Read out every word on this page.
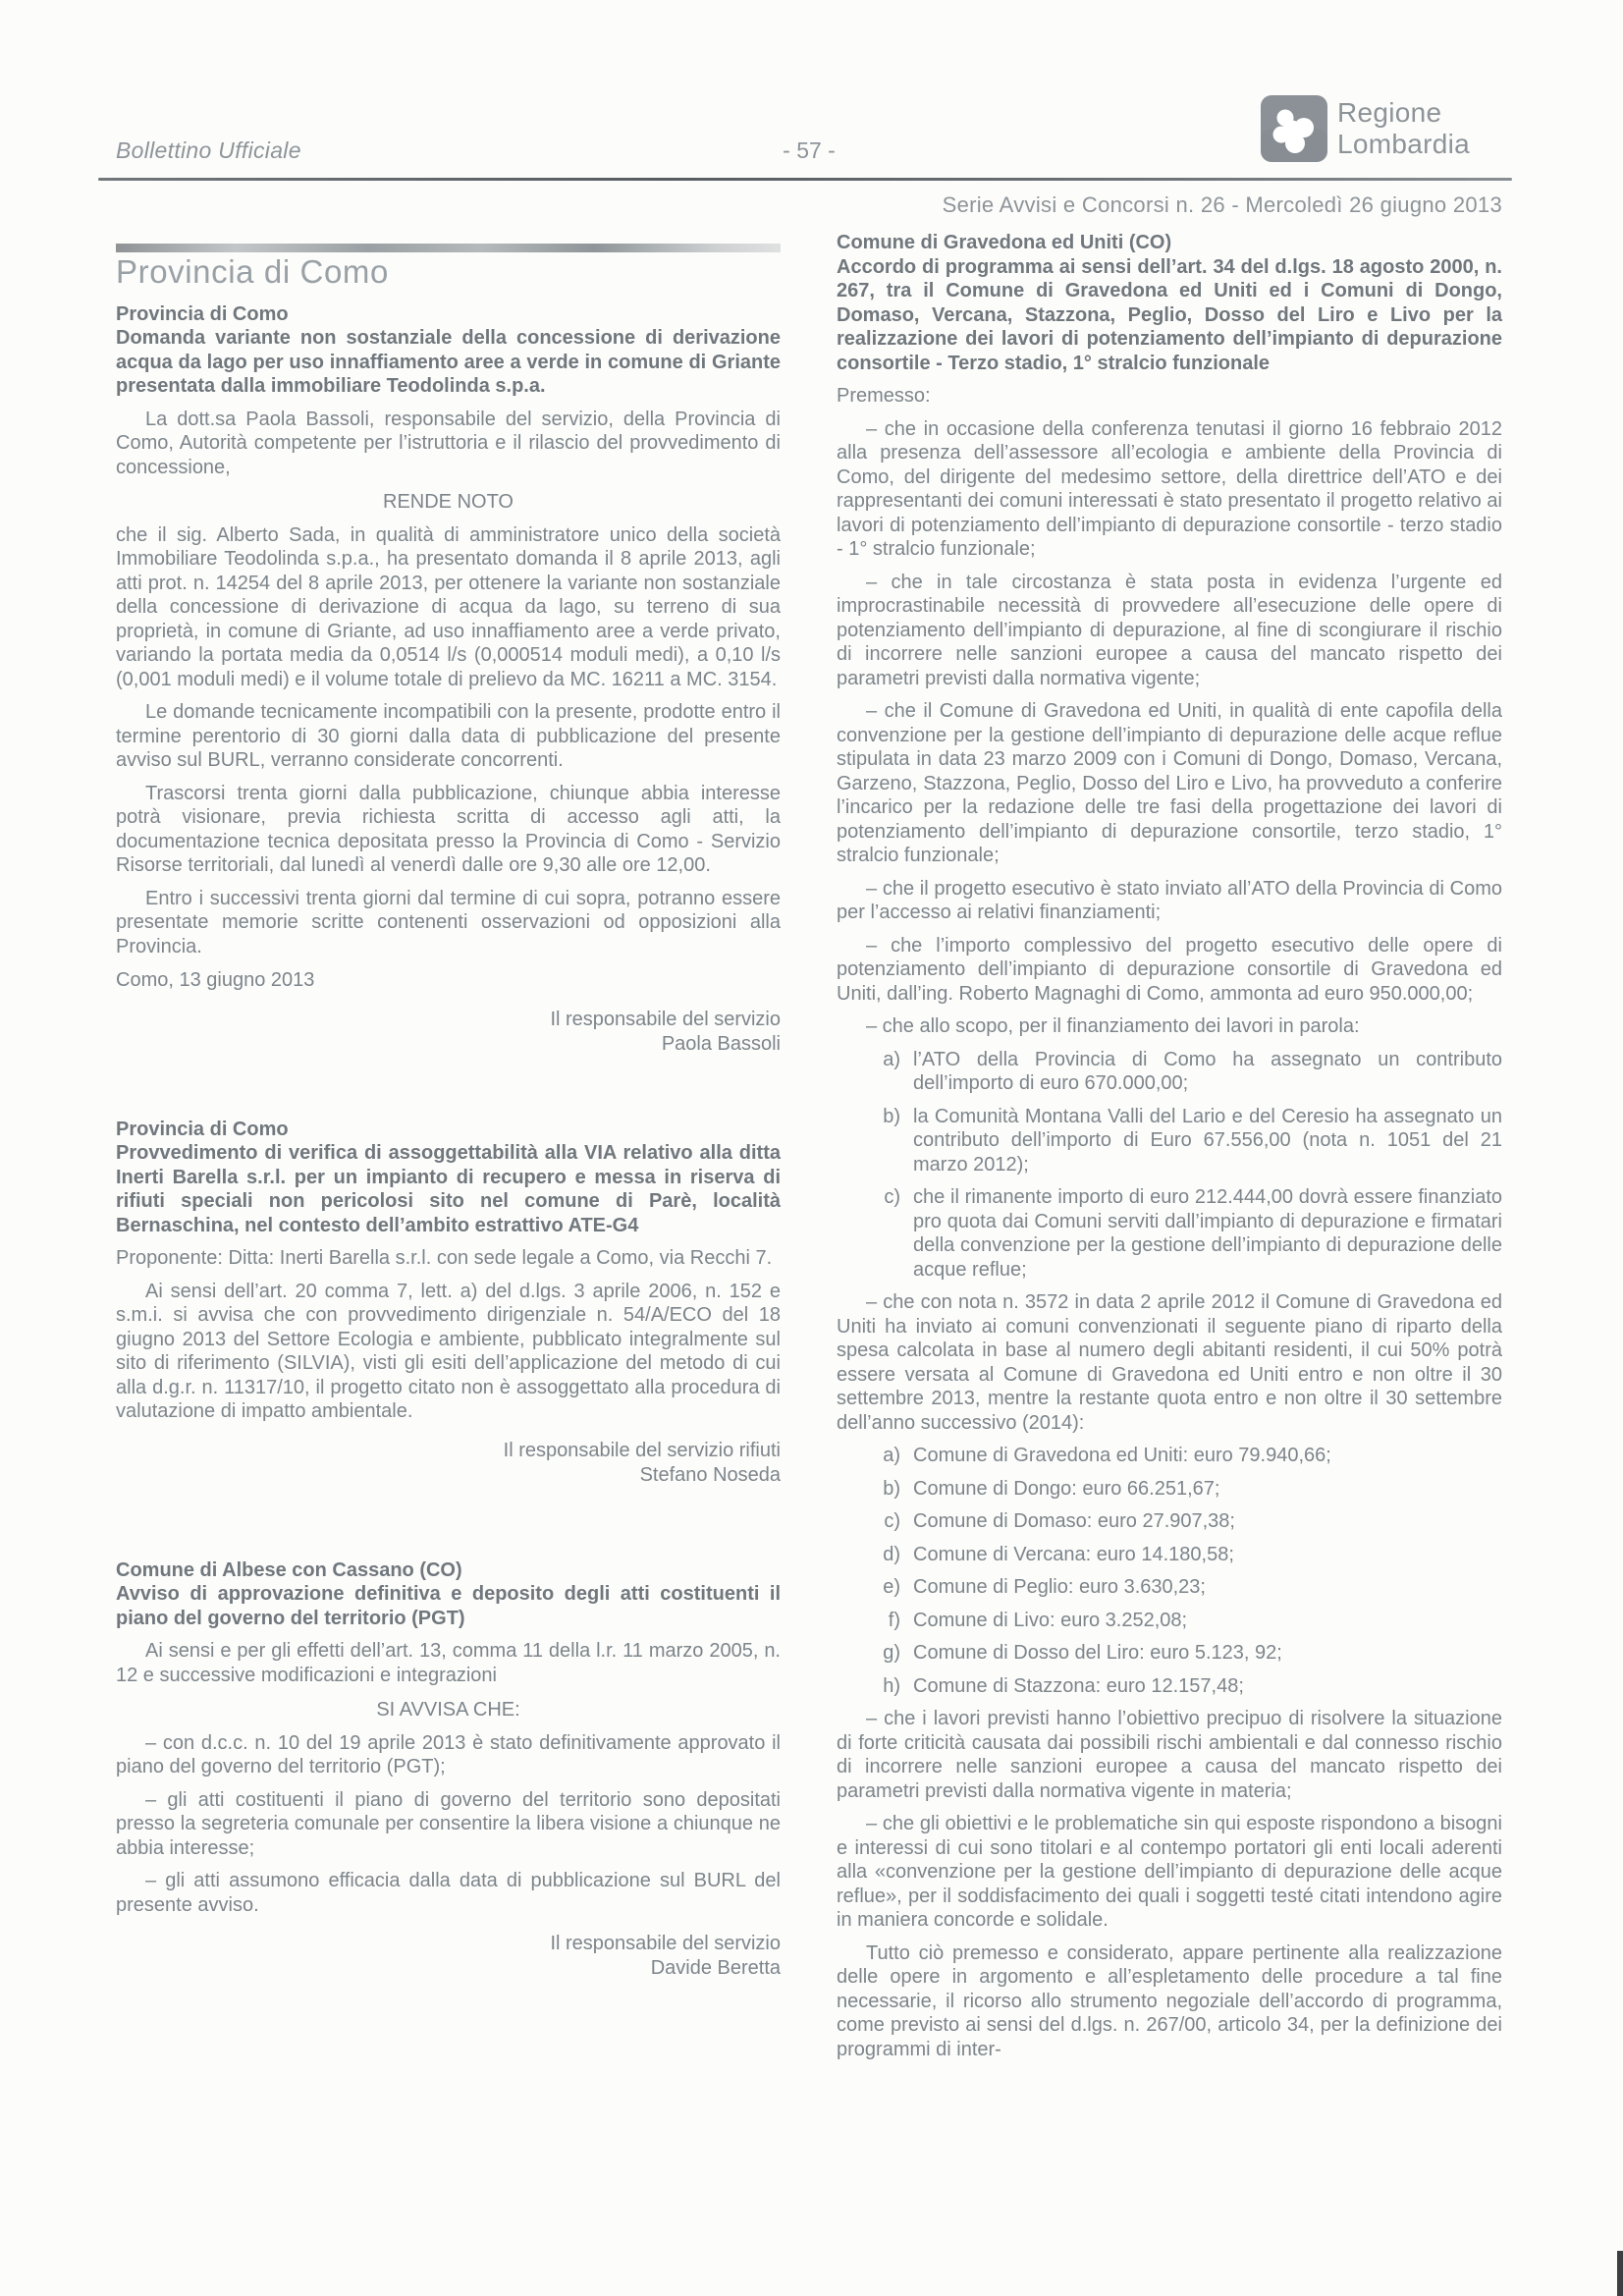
Bollettino Ufficiale	- 57 -
Regione
Lombardia
Serie Avvisi e Concorsi n. 26 - Mercoledì 26 giugno 2013
Provincia di Como
Provincia di Como
Domanda variante non sostanziale della concessione di derivazione acqua da lago per uso innaffiamento aree a verde in comune di Griante presentata dalla immobiliare Teodolinda s.p.a.

La dott.sa Paola Bassoli, responsabile del servizio, della Provincia di Como, Autorità competente per l’istruttoria e il rilascio del provvedimento di concessione,

RENDE NOTO

che il sig. Alberto Sada, in qualità di amministratore unico della società Immobiliare Teodolinda s.p.a., ha presentato domanda il 8 aprile 2013, agli atti prot. n. 14254 del 8 aprile 2013, per ottenere la variante non sostanziale della concessione di derivazione di acqua da lago, su terreno di sua proprietà, in comune di Griante, ad uso innaffiamento aree a verde privato, variando la portata media da 0,0514 l/s (0,000514 moduli medi), a 0,10 l/s (0,001 moduli medi) e il volume totale di prelievo da MC. 16211 a MC. 3154.

Le domande tecnicamente incompatibili con la presente, prodotte entro il termine perentorio di 30 giorni dalla data di pubblicazione del presente avviso sul BURL, verranno considerate concorrenti.

Trascorsi trenta giorni dalla pubblicazione, chiunque abbia interesse potrà visionare, previa richiesta scritta di accesso agli atti, la documentazione tecnica depositata presso la Provincia di Como - Servizio Risorse territoriali, dal lunedì al venerdì dalle ore 9,30 alle ore 12,00.

Entro i successivi trenta giorni dal termine di cui sopra, potranno essere presentate memorie scritte contenenti osservazioni od opposizioni alla Provincia.

Como, 13 giugno 2013

Il responsabile del servizio
Paola Bassoli
Provincia di Como
Provvedimento di verifica di assoggettabilità alla VIA relativo alla ditta Inerti Barella s.r.l. per un impianto di recupero e messa in riserva di rifiuti speciali non pericolosi sito nel comune di Parè, località Bernaschina, nel contesto dell’ambito estrattivo ATE-G4

Proponente: Ditta: Inerti Barella s.r.l. con sede legale a Como, via Recchi 7.

Ai sensi dell’art. 20 comma 7, lett. a) del d.lgs. 3 aprile 2006, n. 152 e s.m.i. si avvisa che con provvedimento dirigenziale n. 54/A/ECO del 18 giugno 2013 del Settore Ecologia e ambiente, pubblicato integralmente sul sito di riferimento (SILVIA), visti gli esiti dell’applicazione del metodo di cui alla d.g.r. n. 11317/10, il progetto citato non è assoggettato alla procedura di valutazione di impatto ambientale.

Il responsabile del servizio rifiuti
Stefano Noseda
Comune di Albese con Cassano (CO)
Avviso di approvazione definitiva e deposito degli atti costituenti il piano del governo del territorio (PGT)

Ai sensi e per gli effetti dell’art. 13, comma 11 della l.r. 11 marzo 2005, n. 12 e successive modificazioni e integrazioni

SI AVVISA CHE:

– con d.c.c. n. 10 del 19 aprile 2013 è stato definitivamente approvato il piano del governo del territorio (PGT);

– gli atti costituenti il piano di governo del territorio sono depositati presso la segreteria comunale per consentire la libera visione a chiunque ne abbia interesse;

– gli atti assumono efficacia dalla data di pubblicazione sul BURL del presente avviso.

Il responsabile del servizio
Davide Beretta
Comune di Gravedona ed Uniti (CO)
Accordo di programma ai sensi dell’art. 34 del d.lgs. 18 agosto 2000, n. 267, tra il Comune di Gravedona ed Uniti ed i Comuni di Dongo, Domaso, Vercana, Stazzona, Peglio, Dosso del Liro e Livo per la realizzazione dei lavori di potenziamento dell’impianto di depurazione consortile - Terzo stadio, 1° stralcio funzionale

Premesso:

– che in occasione della conferenza tenutasi il giorno 16 febbraio 2012 alla presenza dell’assessore all’ecologia e ambiente della Provincia di Como, del dirigente del medesimo settore, della direttrice dell’ATO e dei rappresentanti dei comuni interessati è stato presentato il progetto relativo ai lavori di potenziamento dell’impianto di depurazione consortile - terzo stadio - 1° stralcio funzionale;

– che in tale circostanza è stata posta in evidenza l’urgente ed improcrastinabile necessità di provvedere all’esecuzione delle opere di potenziamento dell’impianto di depurazione, al fine di scongiurare il rischio di incorrere nelle sanzioni europee a causa del mancato rispetto dei parametri previsti dalla normativa vigente;

– che il Comune di Gravedona ed Uniti, in qualità di ente capofila della convenzione per la gestione dell’impianto di depurazione delle acque reflue stipulata in data 23 marzo 2009 con i Comuni di Dongo, Domaso, Vercana, Garzeno, Stazzona, Peglio, Dosso del Liro e Livo, ha provveduto a conferire l’incarico per la redazione delle tre fasi della progettazione dei lavori di potenziamento dell’impianto di depurazione consortile, terzo stadio, 1° stralcio funzionale;

– che il progetto esecutivo è stato inviato all’ATO della Provincia di Como per l’accesso ai relativi finanziamenti;

– che l’importo complessivo del progetto esecutivo delle opere di potenziamento dell’impianto di depurazione consortile di Gravedona ed Uniti, dall’ing. Roberto Magnaghi di Como, ammonta ad euro 950.000,00;

– che allo scopo, per il finanziamento dei lavori in parola:

a) l’ATO della Provincia di Como ha assegnato un contributo dell’importo di euro 670.000,00;
b) la Comunità Montana Valli del Lario e del Ceresio ha assegnato un contributo dell’importo di Euro 67.556,00 (nota n. 1051 del 21 marzo 2012);
c) che il rimanente importo di euro 212.444,00 dovrà essere finanziato pro quota dai Comuni serviti dall’impianto di depurazione e firmatari della convenzione per la gestione dell’impianto di depurazione delle acque reflue;

– che con nota n. 3572 in data 2 aprile 2012 il Comune di Gravedona ed Uniti ha inviato ai comuni convenzionati il seguente piano di riparto della spesa calcolata in base al numero degli abitanti residenti, il cui 50% potrà essere versata al Comune di Gravedona ed Uniti entro e non oltre il 30 settembre 2013, mentre la restante quota entro e non oltre il 30 settembre dell’anno successivo (2014):

a) Comune di Gravedona ed Uniti: euro 79.940,66;
b) Comune di Dongo: euro 66.251,67;
c) Comune di Domaso: euro 27.907,38;
d) Comune di Vercana: euro 14.180,58;
e) Comune di Peglio: euro 3.630,23;
f) Comune di Livo: euro 3.252,08;
g) Comune di Dosso del Liro: euro 5.123, 92;
h) Comune di Stazzona: euro 12.157,48;

– che i lavori previsti hanno l’obiettivo precipuo di risolvere la situazione di forte criticità causata dai possibili rischi ambientali e dal connesso rischio di incorrere nelle sanzioni europee a causa del mancato rispetto dei parametri previsti dalla normativa vigente in materia;

– che gli obiettivi e le problematiche sin qui esposte rispondono a bisogni e interessi di cui sono titolari e al contempo portatori gli enti locali aderenti alla «convenzione per la gestione dell’impianto di depurazione delle acque reflue», per il soddisfacimento dei quali i soggetti testé citati intendono agire in maniera concorde e solidale.

Tutto ciò premesso e considerato, appare pertinente alla realizzazione delle opere in argomento e all’espletamento delle procedure a tal fine necessarie, il ricorso allo strumento negoziale dell’accordo di programma, come previsto ai sensi del d.lgs. n. 267/00, articolo 34, per la definizione dei programmi di inter-
